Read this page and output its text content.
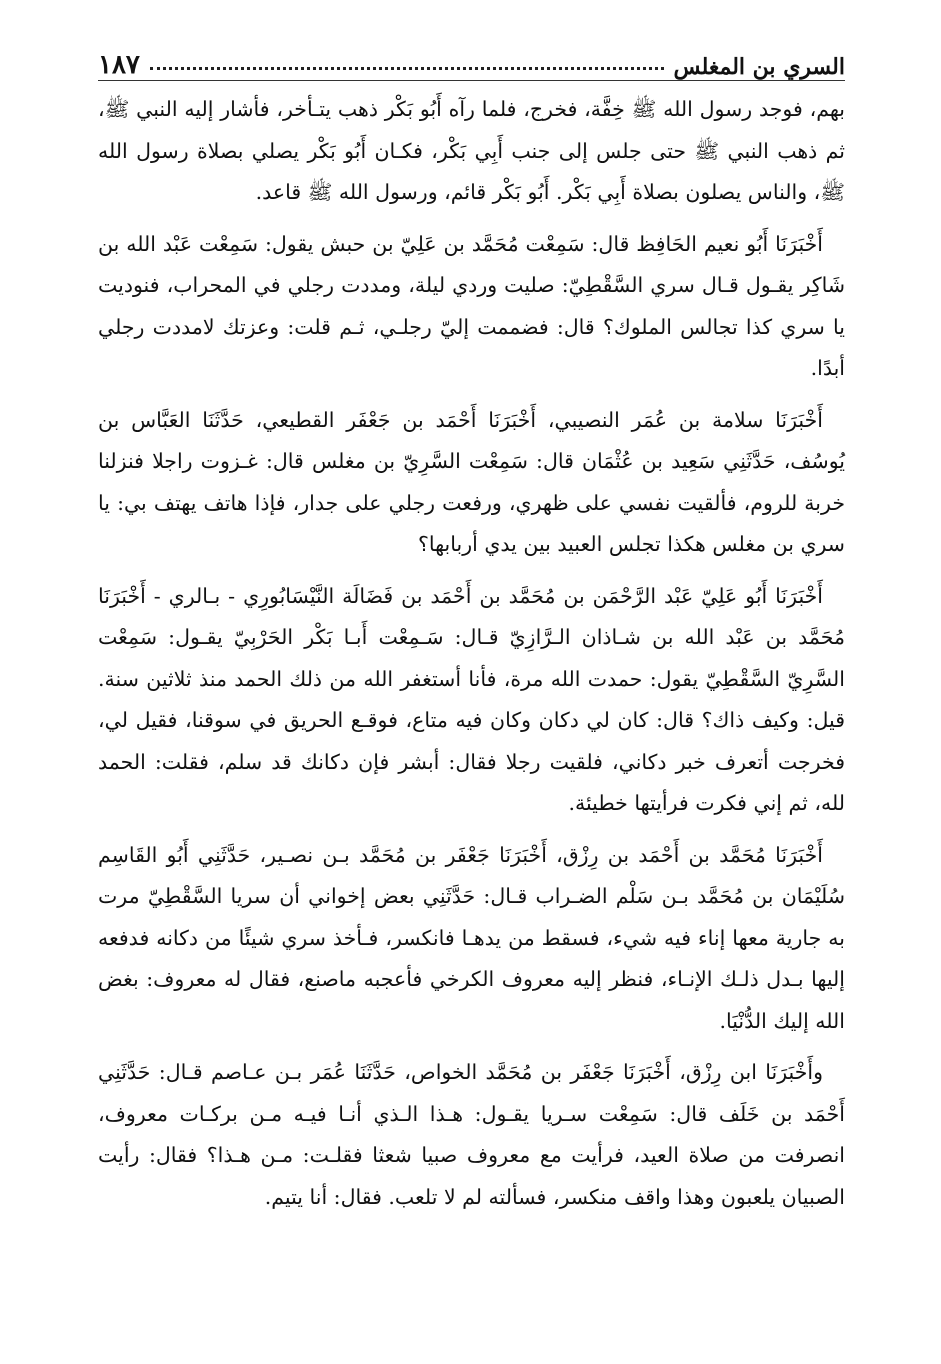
١٨٧	السري بن المغلس

بهم، فوجد رسول الله ﷺ خِفَّة، فخرج، فلما رآه أَبُو بَكْر ذهب يتـأخر، فأشار إليه النبي ﷺ، ثم ذهب النبي ﷺ حتى جلس إلى جنب أَبِي بَكْر، فكـان أَبُو بَكْر يصلي بصلاة رسول الله ﷺ، والناس يصلون بصلاة أَبِي بَكْر. أَبُو بَكْر قائم، ورسول الله ﷺ قاعد.

أَخْبَرَنَا أَبُو نعيم الحَافِظ قال: سَمِعْت مُحَمَّد بن عَلِيّ بن حبش يقول: سَمِعْت عَبْد الله بن شَاكِر يقـول قـال سري السَّقْطِيّ: صليت وردي ليلة، ومددت رجلي في المحراب، فنوديت يا سري كذا تجالس الملوك؟ قال: فضممت إليّ رجلـي، ثـم قلت: وعزتك لامددت رجلي أبدًا.

أَخْبَرَنَا سلامة بن عُمَر النصيبي، أَخْبَرَنَا أَحْمَد بن جَعْفَر القطيعي، حَدَّثَنَا العَبَّاس بن يُوسُف، حَدَّثَنِي سَعِيد بن عُثْمَان قال: سَمِعْت السَّرِيّ بن مغلس قال: غـزوت راجلا فنزلنا خربة للروم، فألقيت نفسي على ظهري، ورفعت رجلي على جدار، فإذا هاتف يهتف بي: يا سري بن مغلس هكذا تجلس العبيد بين يدي أربابها؟

أَخْبَرَنَا أَبُو عَلِيّ عَبْد الرَّحْمَن بن مُحَمَّد بن أَحْمَد بن فَضَالَة النَّيْسَابُورِي - بـالري - أَخْبَرَنَا مُحَمَّد بن عَبْد الله بن شـاذان الـرَّازِيّ قـال: سَـمِعْت أَبـا بَكْر الحَرْبِيّ يقـول: سَمِعْت السَّرِيّ السَّقْطِيّ يقول: حمدت الله مرة، فأنا أستغفر الله من ذلك الحمد منذ ثلاثين سنة. قيل: وكيف ذاك؟ قال: كان لي دكان وكان فيه متاع، فوقـع الحريق في سوقنا، فقيل لي، فخرجت أتعرف خبر دكاني، فلقيت رجلا فقال: أبشر فإن دكانك قد سلم، فقلت: الحمد لله، ثم إني فكرت فرأيتها خطيئة.

أَخْبَرَنَا مُحَمَّد بن أَحْمَد بن رِزْق، أَخْبَرَنَا جَعْفَر بن مُحَمَّد بـن نصـير، حَدَّثَنِي أَبُو القَاسِم سُلَيْمَان بن مُحَمَّد بـن سَلْم الضـراب قـال: حَدَّثَنِي بعض إخواني أن سريا السَّقْطِيّ مرت به جارية معها إناء فيه شيء، فسقط من يدهـا فانكسر، فـأخذ سري شيئًا من دكانه فدفعه إليها بـدل ذلـك الإنـاء، فنظر إليه معروف الكرخي فأعجبه ماصنع، فقال له معروف: بغض الله إليك الدُّنْيَا.

وأَخْبَرَنَا ابن رِزْق، أَخْبَرَنَا جَعْفَر بن مُحَمَّد الخواص، حَدَّثَنَا عُمَر بـن عـاصم قـال: حَدَّثَنِي أَحْمَد بن خَلَف قال: سَمِعْت سـريا يقـول: هـذا الـذي أنـا فيـه مـن بركـات معروف، انصرفت من صلاة العيد، فرأيت مع معروف صبيا شعثا فقلـت: مـن هـذا؟ فقال: رأيت الصبيان يلعبون وهذا واقف منكسر، فسألته لم لا تلعب. فقال: أنا يتيم.
